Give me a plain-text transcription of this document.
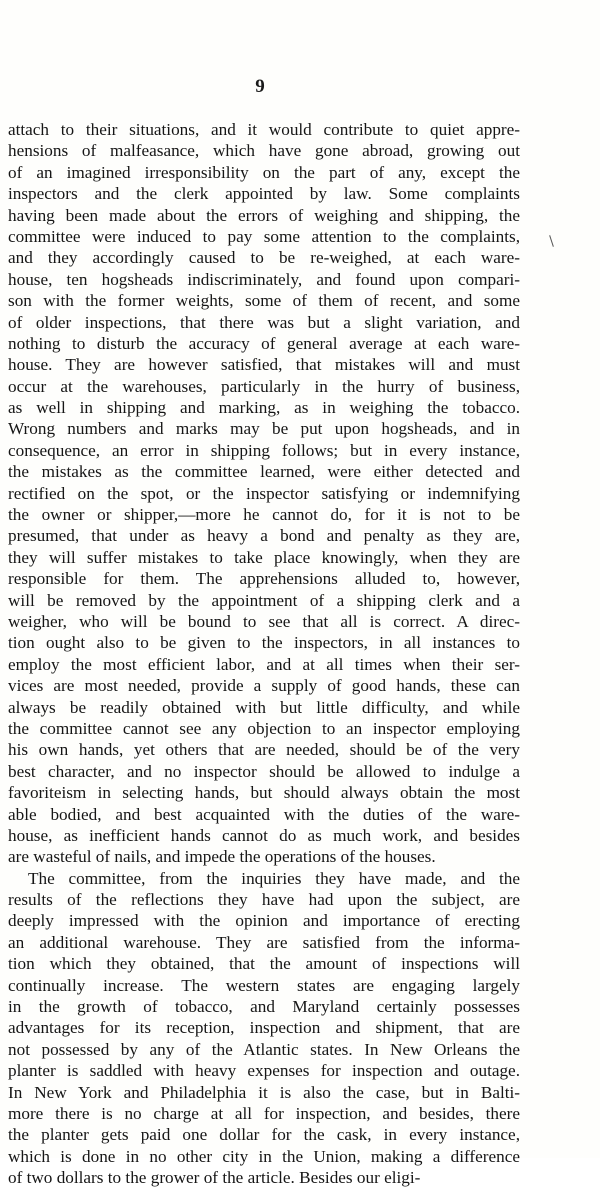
9
attach to their situations, and it would contribute to quiet appre-
hensions of malfeasance, which have gone abroad, growing out
of an imagined irresponsibility on the part of any, except the
inspectors and the clerk appointed by law. Some complaints
having been made about the errors of weighing and shipping, the
committee were induced to pay some attention to the complaints,
and they accordingly caused to be re-weighed, at each ware-
house, ten hogsheads indiscriminately, and found upon compari-
son with the former weights, some of them of recent, and some
of older inspections, that there was but a slight variation, and
nothing to disturb the accuracy of general average at each ware-
house. They are however satisfied, that mistakes will and must
occur at the warehouses, particularly in the hurry of business,
as well in shipping and marking, as in weighing the tobacco.
Wrong numbers and marks may be put upon hogsheads, and in
consequence, an error in shipping follows; but in every instance,
the mistakes as the committee learned, were either detected and
rectified on the spot, or the inspector satisfying or indemnifying
the owner or shipper,—more he cannot do, for it is not to be
presumed, that under as heavy a bond and penalty as they are,
they will suffer mistakes to take place knowingly, when they are
responsible for them. The apprehensions alluded to, however,
will be removed by the appointment of a shipping clerk and a
weigher, who will be bound to see that all is correct. A direc-
tion ought also to be given to the inspectors, in all instances to
employ the most efficient labor, and at all times when their ser-
vices are most needed, provide a supply of good hands, these can
always be readily obtained with but little difficulty, and while
the committee cannot see any objection to an inspector employing
his own hands, yet others that are needed, should be of the very
best character, and no inspector should be allowed to indulge a
favoriteism in selecting hands, but should always obtain the most
able bodied, and best acquainted with the duties of the ware-
house, as inefficient hands cannot do as much work, and besides
are wasteful of nails, and impede the operations of the houses.
The committee, from the inquiries they have made, and the
results of the reflections they have had upon the subject, are
deeply impressed with the opinion and importance of erecting
an additional warehouse. They are satisfied from the informa-
tion which they obtained, that the amount of inspections will
continually increase. The western states are engaging largely
in the growth of tobacco, and Maryland certainly possesses
advantages for its reception, inspection and shipment, that are
not possessed by any of the Atlantic states. In New Orleans the
planter is saddled with heavy expenses for inspection and outage.
In New York and Philadelphia it is also the case, but in Balti-
more there is no charge at all for inspection, and besides, there
the planter gets paid one dollar for the cask, in every instance,
which is done in no other city in the Union, making a difference
of two dollars to the grower of the article. Besides our eligi-
